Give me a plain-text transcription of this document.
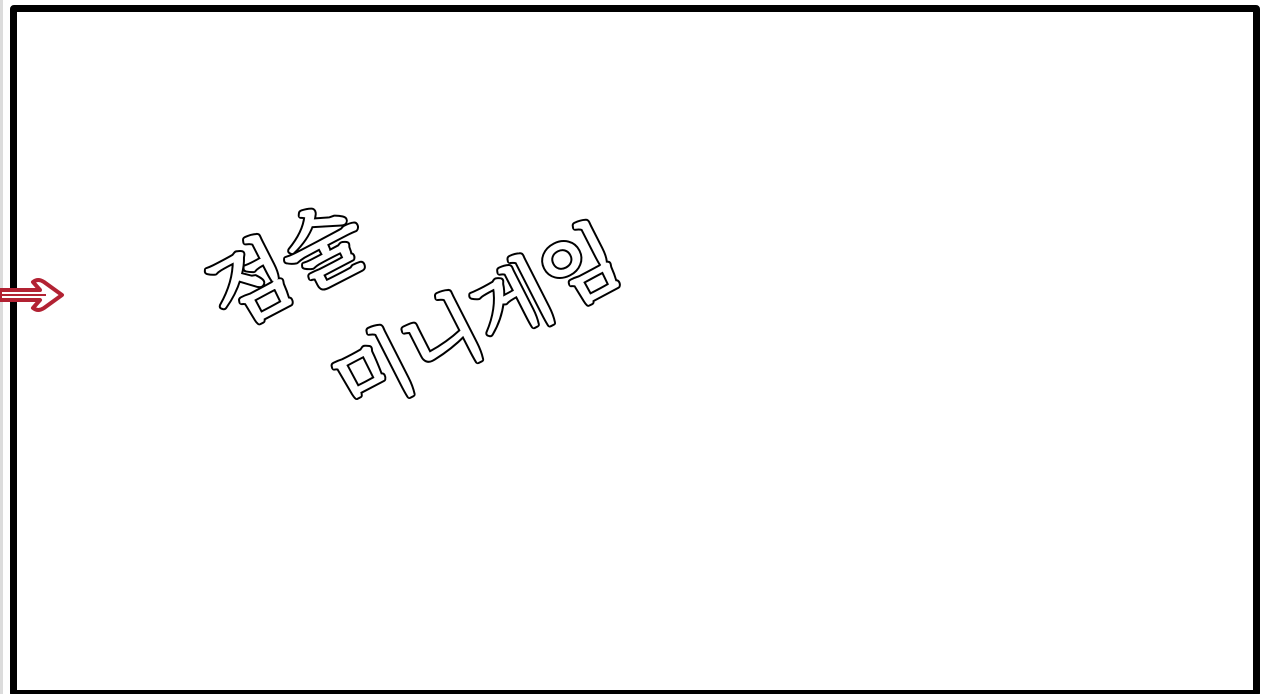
점술
미니게임
